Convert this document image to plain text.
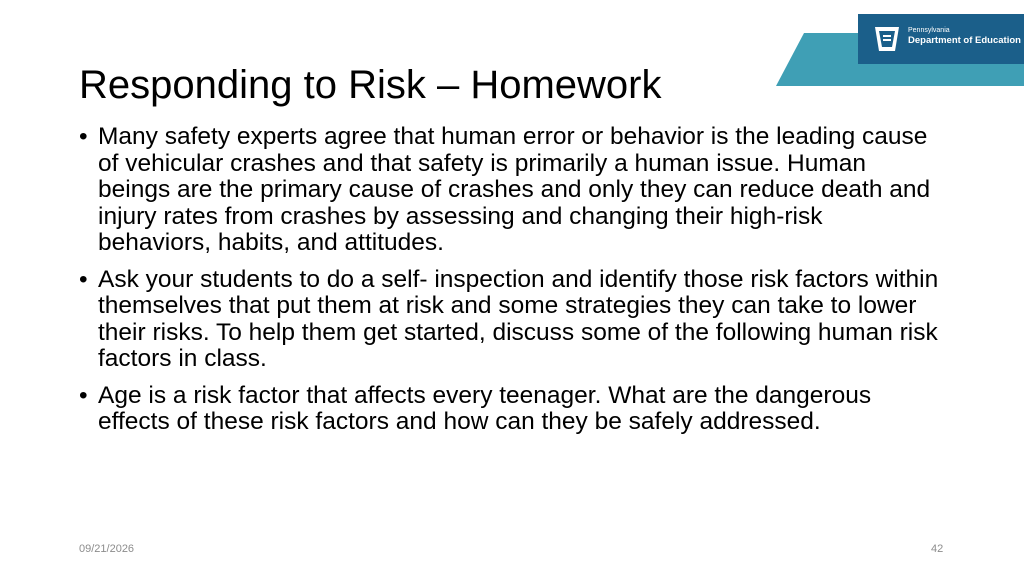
Pennsylvania
Department of Education
Responding to Risk – Homework
• Many safety experts agree that human error or behavior is the leading cause of vehicular crashes and that safety is primarily a human issue. Human beings are the primary cause of crashes and only they can reduce death and injury rates from crashes by assessing and changing their high-risk behaviors, habits, and attitudes.
• Ask your students to do a self- inspection and identify those risk factors within themselves that put them at risk and some strategies they can take to lower their risks. To help them get started, discuss some of the following human risk factors in class.
• Age is a risk factor that affects every teenager. What are the dangerous effects of these risk factors and how can they be safely addressed.
09/21/2026	42
